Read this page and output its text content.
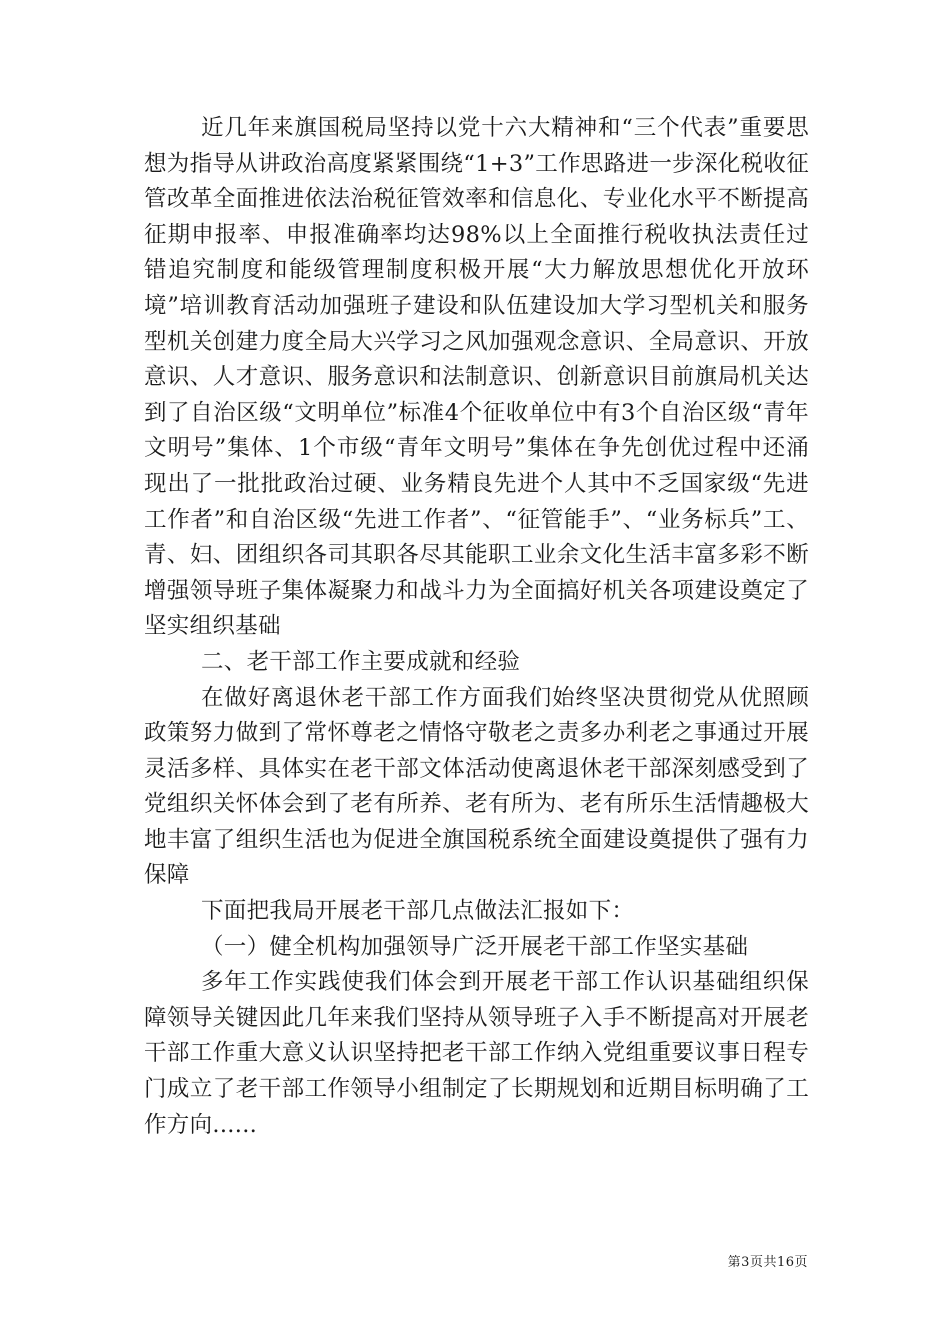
近几年来旗国税局坚持以党十六大精神和“三个代表”重要思想为指导从讲政治高度紧紧围绕“1+3”工作思路进一步深化税收征管改革全面推进依法治税征管效率和信息化、专业化水平不断提高征期申报率、申报准确率均达98%以上全面推行税收执法责任过错追究制度和能级管理制度积极开展“大力解放思想优化开放环境”培训教育活动加强班子建设和队伍建设加大学习型机关和服务型机关创建力度全局大兴学习之风加强观念意识、全局意识、开放意识、人才意识、服务意识和法制意识、创新意识目前旗局机关达到了自治区级“文明单位”标准4个征收单位中有3个自治区级“青年文明号”集体、1个市级“青年文明号”集体在争先创优过程中还涌现出了一批批政治过硬、业务精良先进个人其中不乏国家级“先进工作者”和自治区级“先进工作者”、“征管能手”、“业务标兵”工、青、妇、团组织各司其职各尽其能职工业余文化生活丰富多彩不断增强领导班子集体凝聚力和战斗力为全面搞好机关各项建设奠定了坚实组织基础

二、老干部工作主要成就和经验

在做好离退休老干部工作方面我们始终坚决贯彻党从优照顾政策努力做到了常怀尊老之情恪守敬老之责多办利老之事通过开展灵活多样、具体实在老干部文体活动使离退休老干部深刻感受到了党组织关怀体会到了老有所养、老有所为、老有所乐生活情趣极大地丰富了组织生活也为促进全旗国税系统全面建设奠提供了强有力保障

下面把我局开展老干部几点做法汇报如下：

（一）健全机构加强领导广泛开展老干部工作坚实基础

多年工作实践使我们体会到开展老干部工作认识基础组织保障领导关键因此几年来我们坚持从领导班子入手不断提高对开展老干部工作重大意义认识坚持把老干部工作纳入党组重要议事日程专门成立了老干部工作领导小组制定了长期规划和近期目标明确了工作方向......

第3页共16页
